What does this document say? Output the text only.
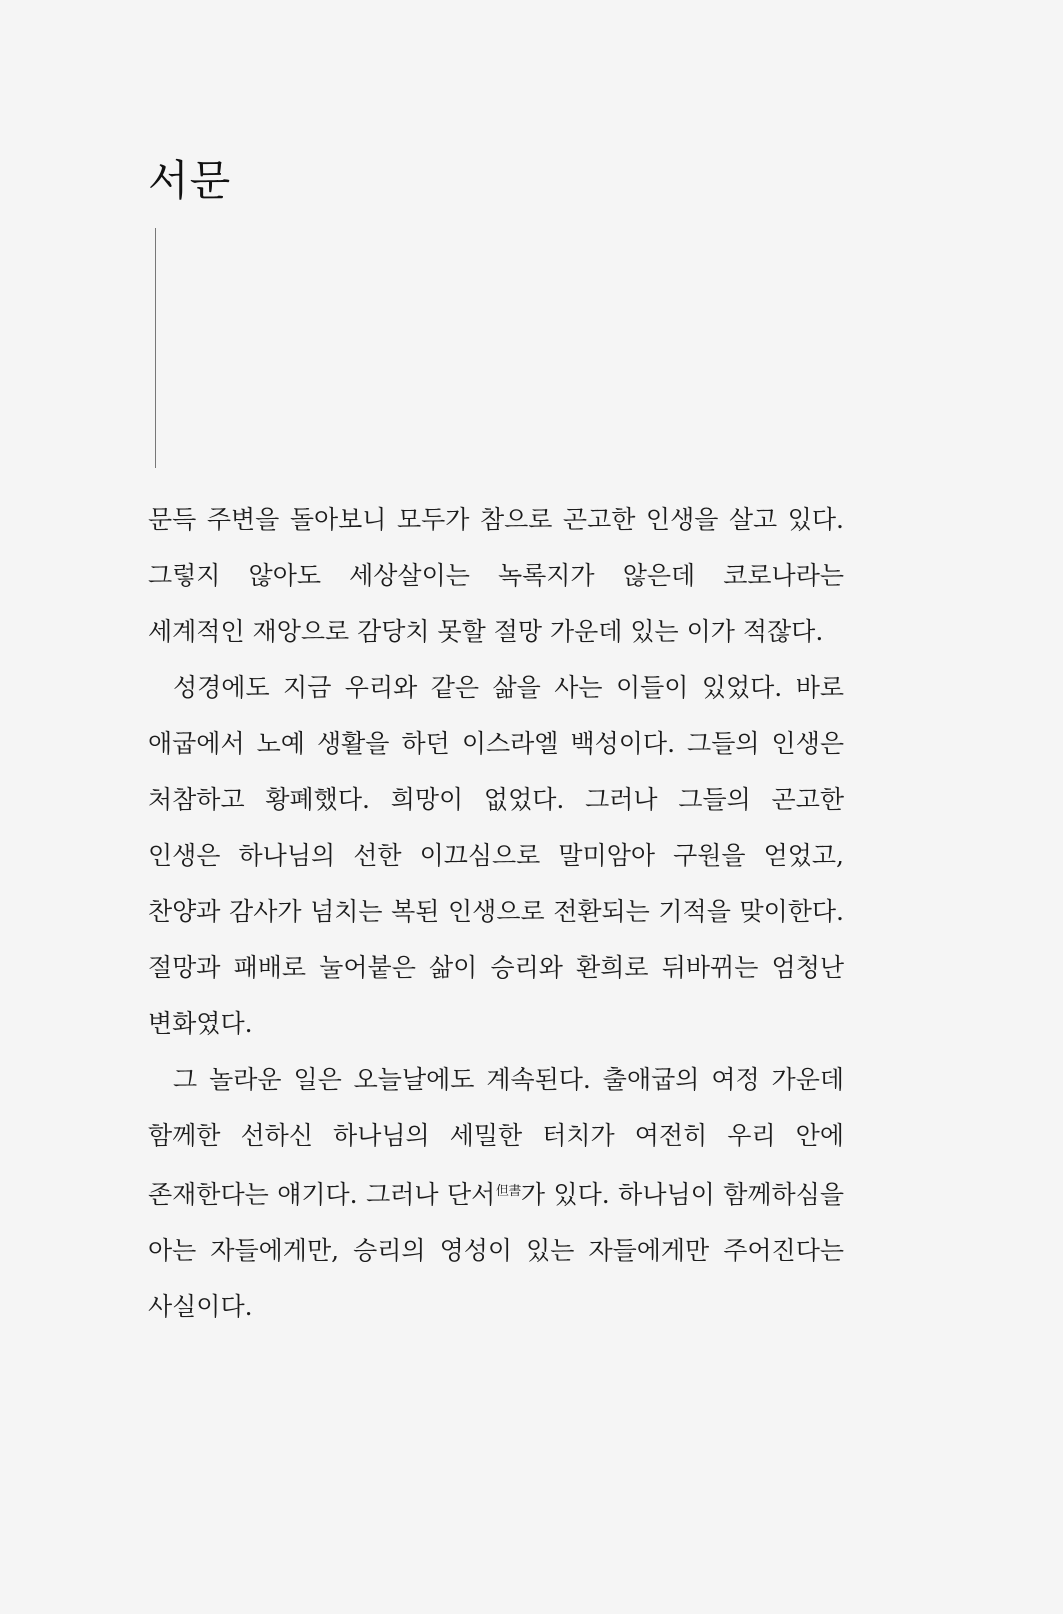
서문

문득 주변을 돌아보니 모두가 참으로 곤고한 인생을 살고 있다. 그렇지 않아도 세상살이는 녹록지가 않은데 코로나라는 세계적인 재앙으로 감당치 못할 절망 가운데 있는 이가 적잖다.

성경에도 지금 우리와 같은 삶을 사는 이들이 있었다. 바로 애굽에서 노예 생활을 하던 이스라엘 백성이다. 그들의 인생은 처참하고 황폐했다. 희망이 없었다. 그러나 그들의 곤고한 인생은 하나님의 선한 이끄심으로 말미암아 구원을 얻었고, 찬양과 감사가 넘치는 복된 인생으로 전환되는 기적을 맞이한다. 절망과 패배로 눌어붙은 삶이 승리와 환희로 뒤바뀌는 엄청난 변화였다.

그 놀라운 일은 오늘날에도 계속된다. 출애굽의 여정 가운데 함께한 선하신 하나님의 세밀한 터치가 여전히 우리 안에 존재한다는 얘기다. 그러나 단서$^{但書}$가 있다. 하나님이 함께하심을 아는 자들에게만, 승리의 영성이 있는 자들에게만 주어진다는 사실이다.
